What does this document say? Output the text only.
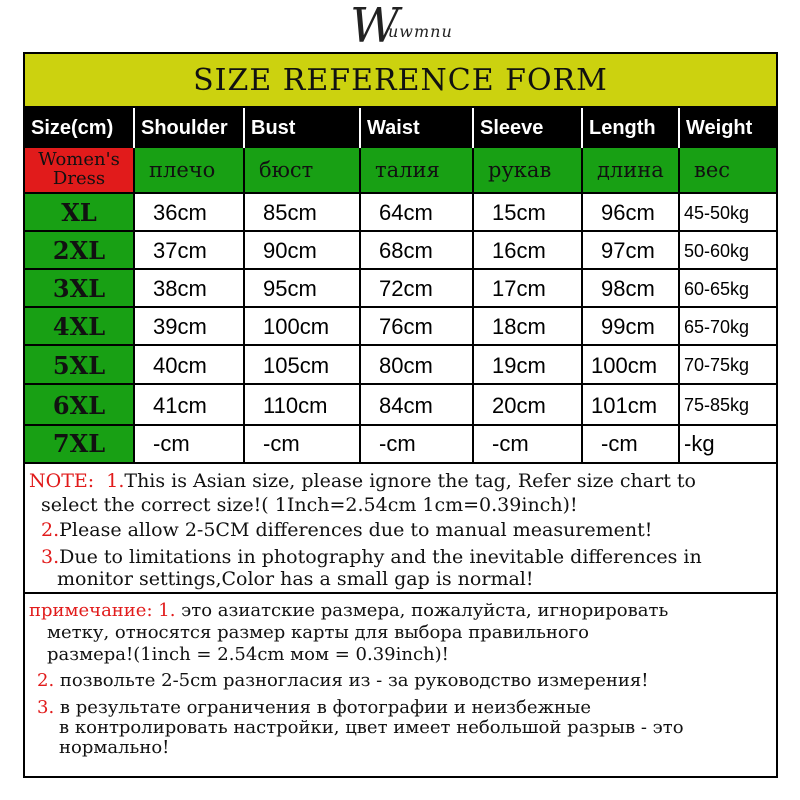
W
uwmnu
SIZE REFERENCE FORM
Size(cm)	Shoulder	Bust	Waist	Sleeve	Length	Weight
Women's Dress	плечо	бюст	талия	рукав	длина	вес
XL	36cm	85cm	64cm	15cm	96cm	45-50kg
2XL	37cm	90cm	68cm	16cm	97cm	50-60kg
3XL	38cm	95cm	72cm	17cm	98cm	60-65kg
4XL	39cm	100cm	76cm	18cm	99cm	65-70kg
5XL	40cm	105cm	80cm	19cm	100cm	70-75kg
6XL	41cm	110cm	84cm	20cm	101cm	75-85kg
7XL	-cm	-cm	-cm	-cm	-cm	-kg
NOTE: 1.This is Asian size, please ignore the tag, Refer size chart to
select the correct size!( 1Inch=2.54cm 1cm=0.39inch)!
2.Please allow 2-5CM differences due to manual measurement!
3.Due to limitations in photography and the inevitable differences in
monitor settings,Color has a small gap is normal!
примечание: 1. это азиатские размера, пожалуйста, игнорировать
метку, относятся размер карты для выбора правильного
размера!(1inch = 2.54cm мом = 0.39inch)!
2. позвольте 2-5cm разногласия из - за руководство измерения!
3. в результате ограничения в фотографии и неизбежные
в контролировать настройки, цвет имеет небольшой разрыв - это
нормально!
